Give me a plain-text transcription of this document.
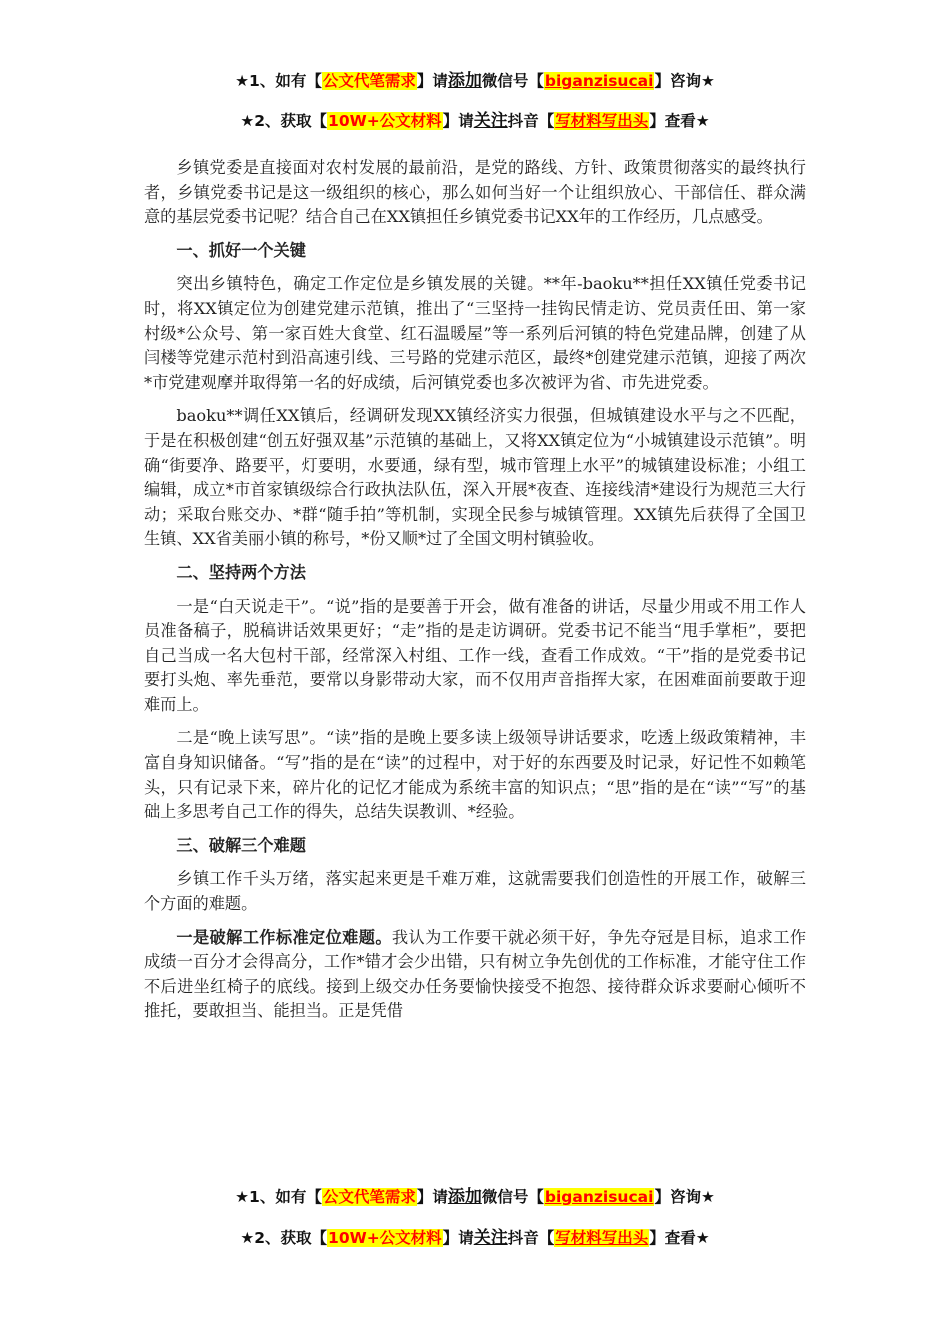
★1、如有【公文代笔需求】请添加微信号【biganzisucai】咨询★
★2、获取【10W+公文材料】请关注抖音【写材料写出头】查看★

乡镇党委是直接面对农村发展的最前沿，是党的路线、方针、政策贯彻落实的最终执行者，乡镇党委书记是这一级组织的核心，那么如何当好一个让组织放心、干部信任、群众满意的基层党委书记呢？结合自己在XX镇担任乡镇党委书记XX年的工作经历，几点感受。

一、抓好一个关键

突出乡镇特色，确定工作定位是乡镇发展的关键。**年-baoku**担任XX镇任党委书记时，将XX镇定位为创建党建示范镇，推出了“三坚持一挂钩民情走访、党员责任田、第一家村级*公众号、第一家百姓大食堂、红石温暖屋”等一系列后河镇的特色党建品牌，创建了从闫楼等党建示范村到沿高速引线、三号路的党建示范区，最终*创建党建示范镇，迎接了两次*市党建观摩并取得第一名的好成绩，后河镇党委也多次被评为省、市先进党委。

baoku**调任XX镇后，经调研发现XX镇经济实力很强，但城镇建设水平与之不匹配，于是在积极创建“创五好强双基”示范镇的基础上，又将XX镇定位为“小城镇建设示范镇”。明确“街要净、路要平，灯要明，水要通，绿有型，城市管理上水平”的城镇建设标准；小组工编辑，成立*市首家镇级综合行政执法队伍，深入开展*夜查、连接线清*建设行为规范三大行动；采取台账交办、*群“随手拍”等机制，实现全民参与城镇管理。XX镇先后获得了全国卫生镇、XX省美丽小镇的称号，*份又顺*过了全国文明村镇验收。

二、坚持两个方法

一是“白天说走干”。“说”指的是要善于开会，做有准备的讲话，尽量少用或不用工作人员准备稿子，脱稿讲话效果更好；“走”指的是走访调研。党委书记不能当“甩手掌柜”，要把自己当成一名大包村干部，经常深入村组、工作一线，查看工作成效。“干”指的是党委书记要打头炮、率先垂范，要常以身影带动大家，而不仅用声音指挥大家，在困难面前要敢于迎难而上。

二是“晚上读写思”。“读”指的是晚上要多读上级领导讲话要求，吃透上级政策精神，丰富自身知识储备。“写”指的是在“读”的过程中，对于好的东西要及时记录，好记性不如赖笔头，只有记录下来，碎片化的记忆才能成为系统丰富的知识点；“思”指的是在“读”“写”的基础上多思考自己工作的得失，总结失误教训、*经验。

三、破解三个难题

乡镇工作千头万绪，落实起来更是千难万难，这就需要我们创造性的开展工作，破解三个方面的难题。

一是破解工作标准定位难题。我认为工作要干就必须干好，争先夺冠是目标，追求工作成绩一百分才会得高分，工作*错才会少出错，只有树立争先创优的工作标准，才能守住工作不后进坐红椅子的底线。接到上级交办任务要愉快接受不抱怨、接待群众诉求要耐心倾听不推托，要敢担当、能担当。正是凭借

★1、如有【公文代笔需求】请添加微信号【biganzisucai】咨询★
★2、获取【10W+公文材料】请关注抖音【写材料写出头】查看★
